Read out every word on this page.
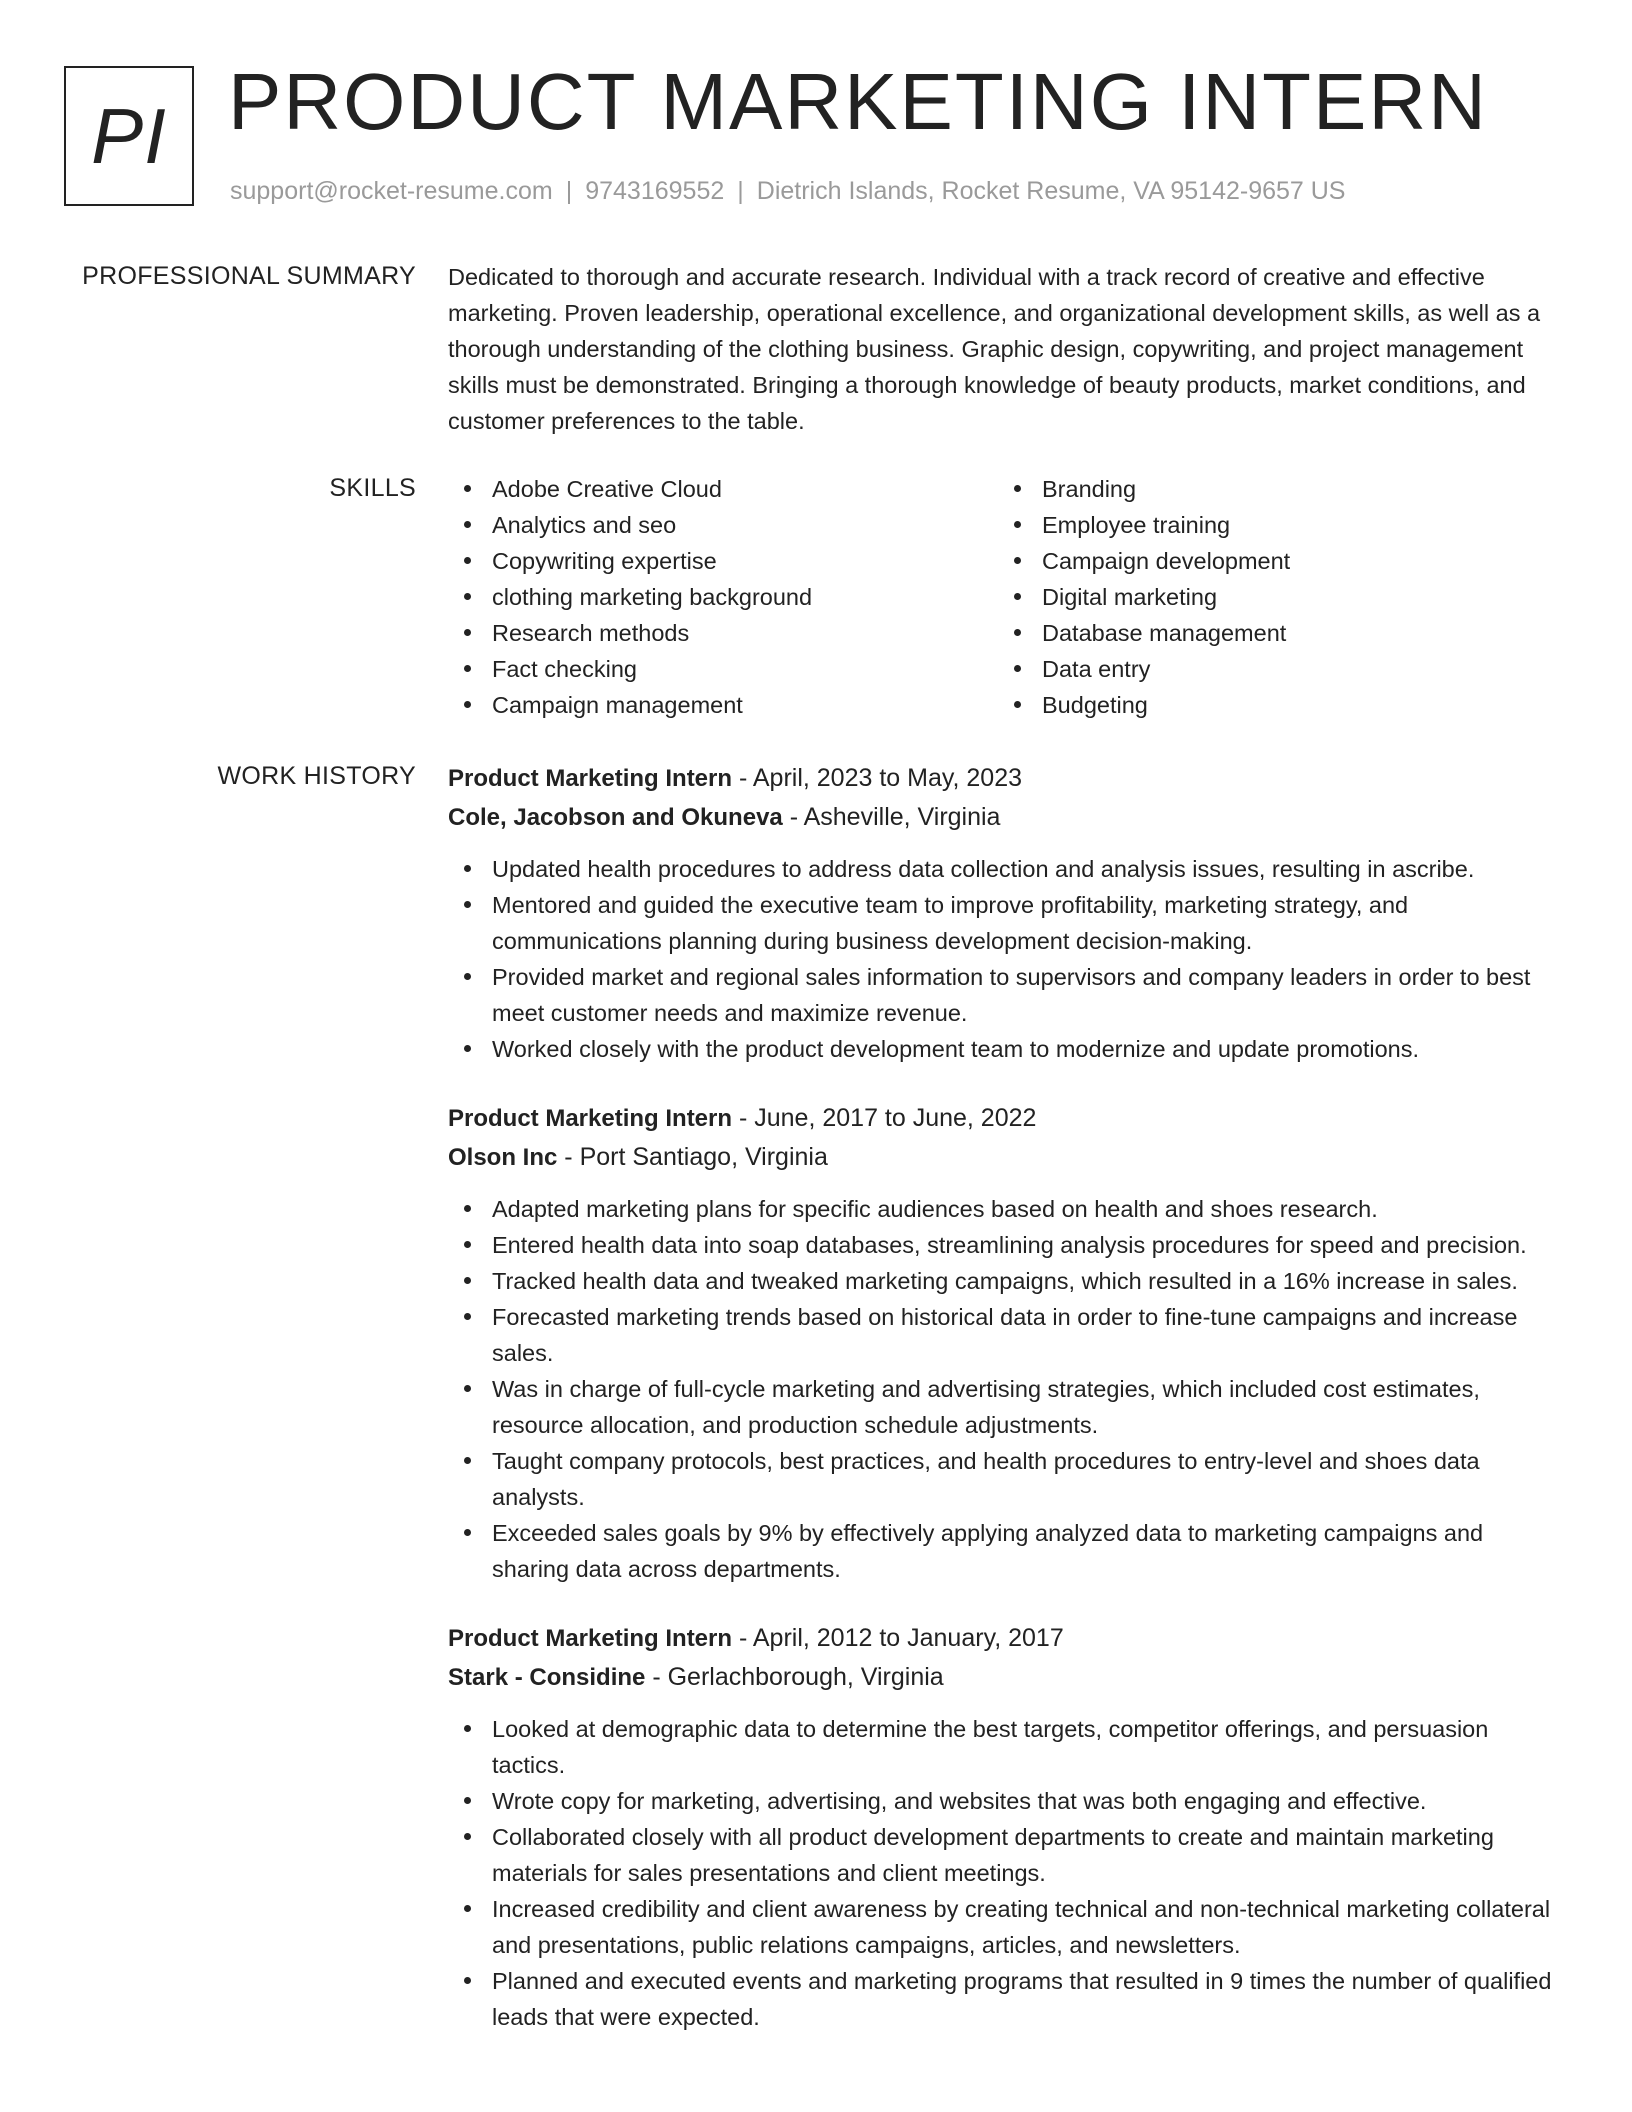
PI PRODUCT MARKETING INTERN
support@rocket-resume.com | 9743169552 | Dietrich Islands, Rocket Resume, VA 95142-9657 US
PROFESSIONAL SUMMARY Dedicated to thorough and accurate research. Individual with a track record of creative and effective marketing. Proven leadership, operational excellence, and organizational development skills, as well as a thorough understanding of the clothing business. Graphic design, copywriting, and project management skills must be demonstrated. Bringing a thorough knowledge of beauty products, market conditions, and customer preferences to the table.

SKILLS	Adobe Creative Cloud
Analytics and seo
Copywriting expertise
clothing marketing background
Research methods
Fact checking
Campaign management
Branding
Employee training
Campaign development
Digital marketing
Database management
Data entry
Budgeting
WORK HISTORY Product Marketing Intern - April, 2023 to May, 2023
Cole, Jacobson and Okuneva - Asheville, Virginia
Updated health procedures to address data collection and analysis issues, resulting in ascribe.
Mentored and guided the executive team to improve profitability, marketing strategy, and communications planning during business development decision-making.
Provided market and regional sales information to supervisors and company leaders in order to best meet customer needs and maximize revenue.
Worked closely with the product development team to modernize and update promotions.
Product Marketing Intern - June, 2017 to June, 2022
Olson Inc - Port Santiago, Virginia
Adapted marketing plans for specific audiences based on health and shoes research.
Entered health data into soap databases, streamlining analysis procedures for speed and precision.
Tracked health data and tweaked marketing campaigns, which resulted in a 16% increase in sales.
Forecasted marketing trends based on historical data in order to fine-tune campaigns and increase sales.
Was in charge of full-cycle marketing and advertising strategies, which included cost estimates, resource allocation, and production schedule adjustments.
Taught company protocols, best practices, and health procedures to entry-level and shoes data analysts.
Exceeded sales goals by 9% by effectively applying analyzed data to marketing campaigns and sharing data across departments.
Product Marketing Intern - April, 2012 to January, 2017
Stark - Considine - Gerlachborough, Virginia
Looked at demographic data to determine the best targets, competitor offerings, and persuasion tactics.
Wrote copy for marketing, advertising, and websites that was both engaging and effective.
Collaborated closely with all product development departments to create and maintain marketing materials for sales presentations and client meetings.
Increased credibility and client awareness by creating technical and non-technical marketing collateral and presentations, public relations campaigns, articles, and newsletters.
Planned and executed events and marketing programs that resulted in 9 times the number of qualified leads that were expected.
